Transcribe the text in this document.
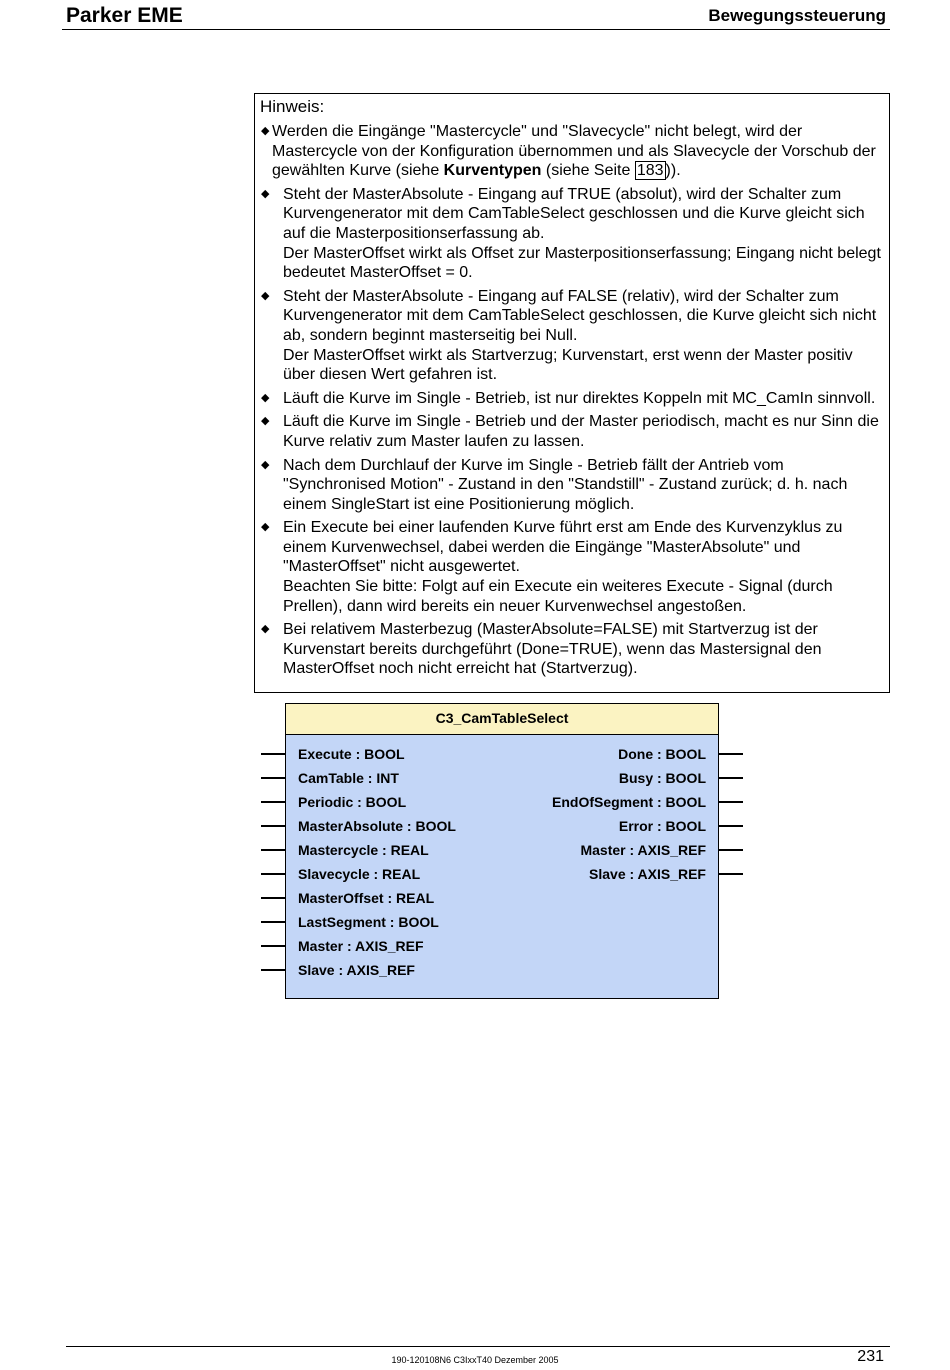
Parker EME	Bewegungssteuerung
Hinweis:
◆ Werden die Eingänge "Mastercycle" und "Slavecycle" nicht belegt, wird der Mastercycle von der Konfiguration übernommen und als Slavecycle der Vorschub der gewählten Kurve (siehe Kurventypen (siehe Seite 183 )).
◆ Steht der MasterAbsolute - Eingang auf TRUE (absolut), wird der Schalter zum Kurvengenerator mit dem CamTableSelect geschlossen und die Kurve gleicht sich auf die Masterpositionserfassung ab.
Der MasterOffset wirkt als Offset zur Masterpositionserfassung; Eingang nicht belegt bedeutet MasterOffset = 0.
◆ Steht der MasterAbsolute - Eingang auf FALSE (relativ), wird der Schalter zum Kurvengenerator mit dem CamTableSelect geschlossen, die Kurve gleicht sich nicht ab, sondern beginnt masterseitig bei Null.
Der MasterOffset wirkt als Startverzug; Kurvenstart, erst wenn der Master positiv über diesen Wert gefahren ist.
◆ Läuft die Kurve im Single - Betrieb, ist nur direktes Koppeln mit MC_CamIn sinnvoll.
◆ Läuft die Kurve im Single - Betrieb und der Master periodisch, macht es nur Sinn die Kurve relativ zum Master laufen zu lassen.
◆ Nach dem Durchlauf der Kurve im Single - Betrieb fällt der Antrieb vom "Synchronised Motion" - Zustand in den "Standstill" - Zustand zurück; d. h. nach einem SingleStart ist eine Positionierung möglich.
◆ Ein Execute bei einer laufenden Kurve führt erst am Ende des Kurvenzyklus zu einem Kurvenwechsel, dabei werden die Eingänge "MasterAbsolute" und "MasterOffset" nicht ausgewertet.
Beachten Sie bitte: Folgt auf ein Execute ein weiteres Execute - Signal (durch Prellen), dann wird bereits ein neuer Kurvenwechsel angestoßen.
◆ Bei relativem Masterbezug (MasterAbsolute=FALSE) mit Startverzug ist der Kurvenstart bereits durchgeführt (Done=TRUE), wenn das Mastersignal den MasterOffset noch nicht erreicht hat (Startverzug).
C3_CamTableSelect
Execute : BOOL
CamTable : INT
Periodic : BOOL
MasterAbsolute : BOOL
Mastercycle : REAL
Slavecycle : REAL
MasterOffset : REAL
LastSegment : BOOL
Master : AXIS_REF
Slave : AXIS_REF
Done : BOOL
Busy : BOOL
EndOfSegment : BOOL
Error : BOOL
Master : AXIS_REF
Slave : AXIS_REF
190-120108N6 C3IxxT40 Dezember 2005	231
